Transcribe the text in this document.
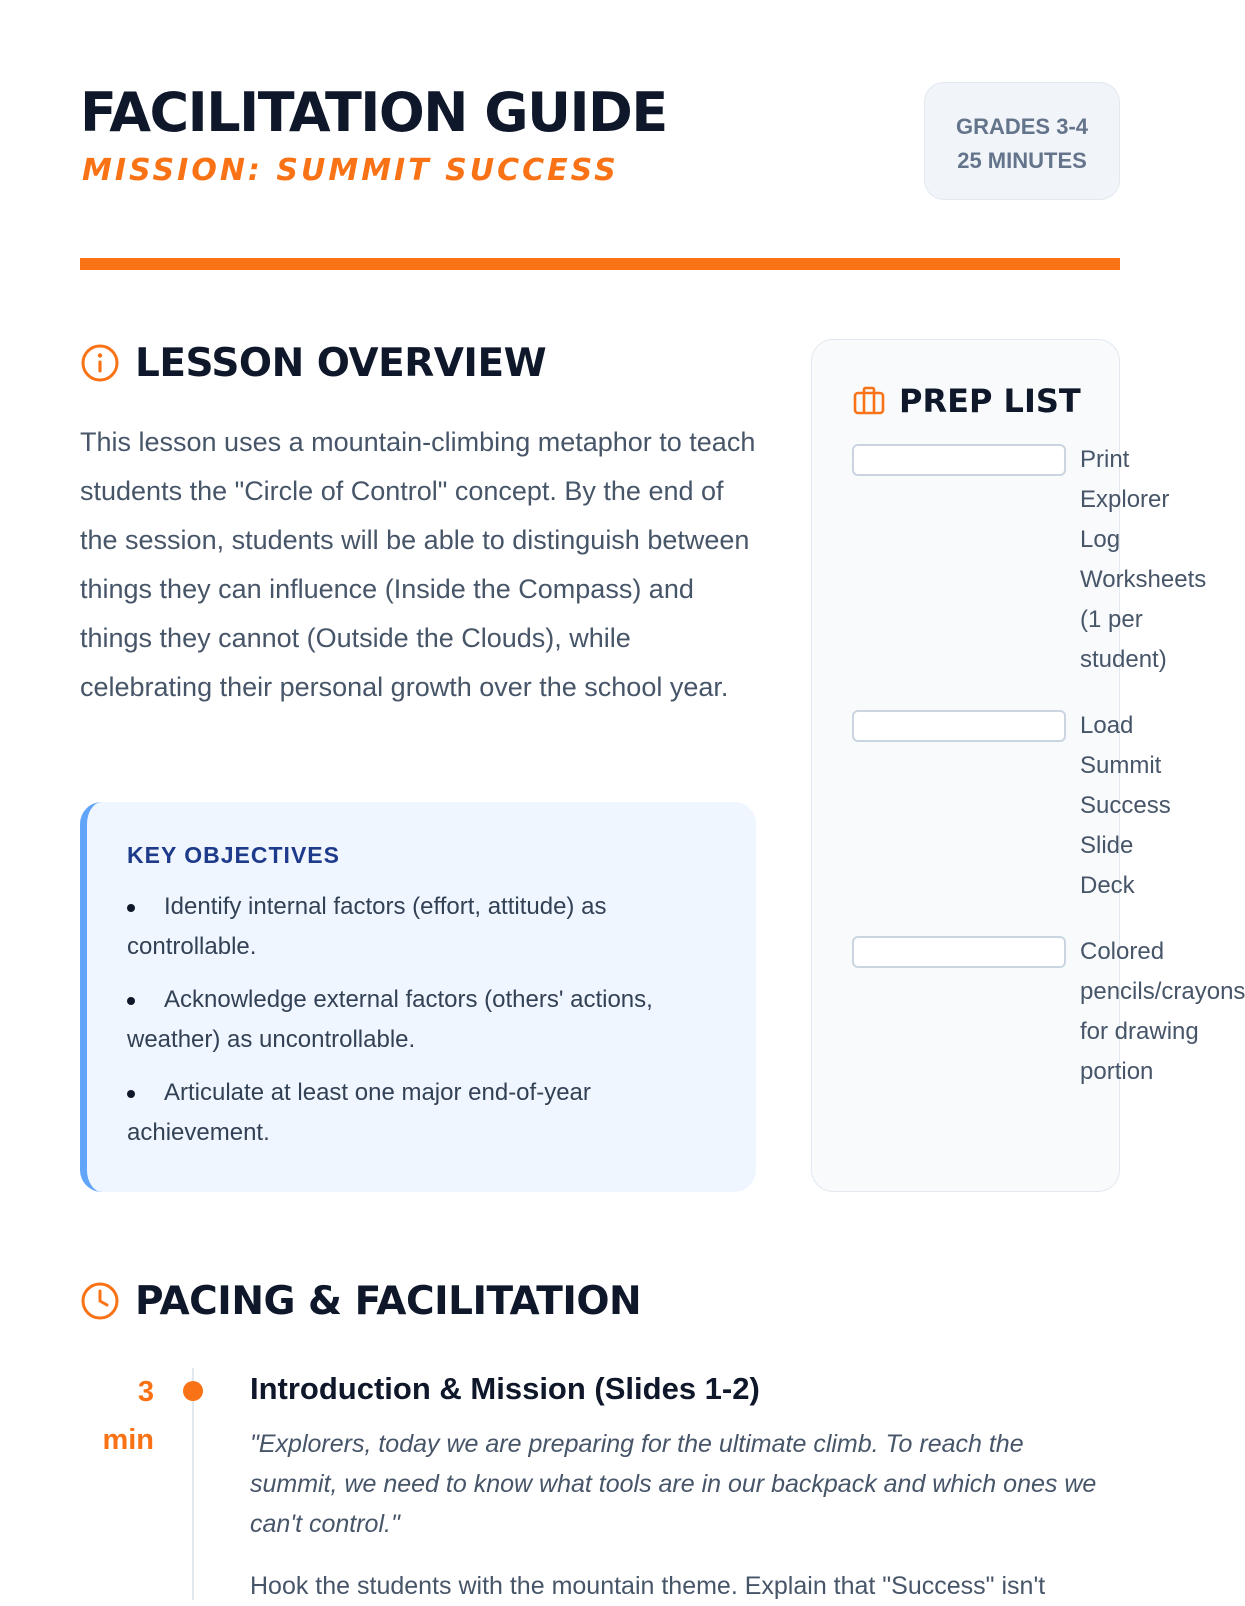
FACILITATION GUIDE
MISSION: SUMMIT SUCCESS
GRADES 3-4
25 MINUTES
LESSON OVERVIEW

This lesson uses a mountain-climbing metaphor to teach students the "Circle of Control" concept. By the end of the session, students will be able to distinguish between things they can influence (Inside the Compass) and things they cannot (Outside the Clouds), while celebrating their personal growth over the school year.

KEY OBJECTIVES
Identify internal factors (effort, attitude) as controllable.
Acknowledge external factors (others' actions, weather) as uncontrollable.
Articulate at least one major end-of-year achievement.
PREP LIST
Print Explorer Log Worksheets (1 per student)
Load Summit Success Slide Deck
Colored pencils/crayons for drawing portion
PACING & FACILITATION
3
min
Introduction & Mission (Slides 1-2)

"Explorers, today we are preparing for the ultimate climb. To reach the summit, we need to know what tools are in our backpack and which ones we can't control."

Hook the students with the mountain theme. Explain that "Success" isn't
